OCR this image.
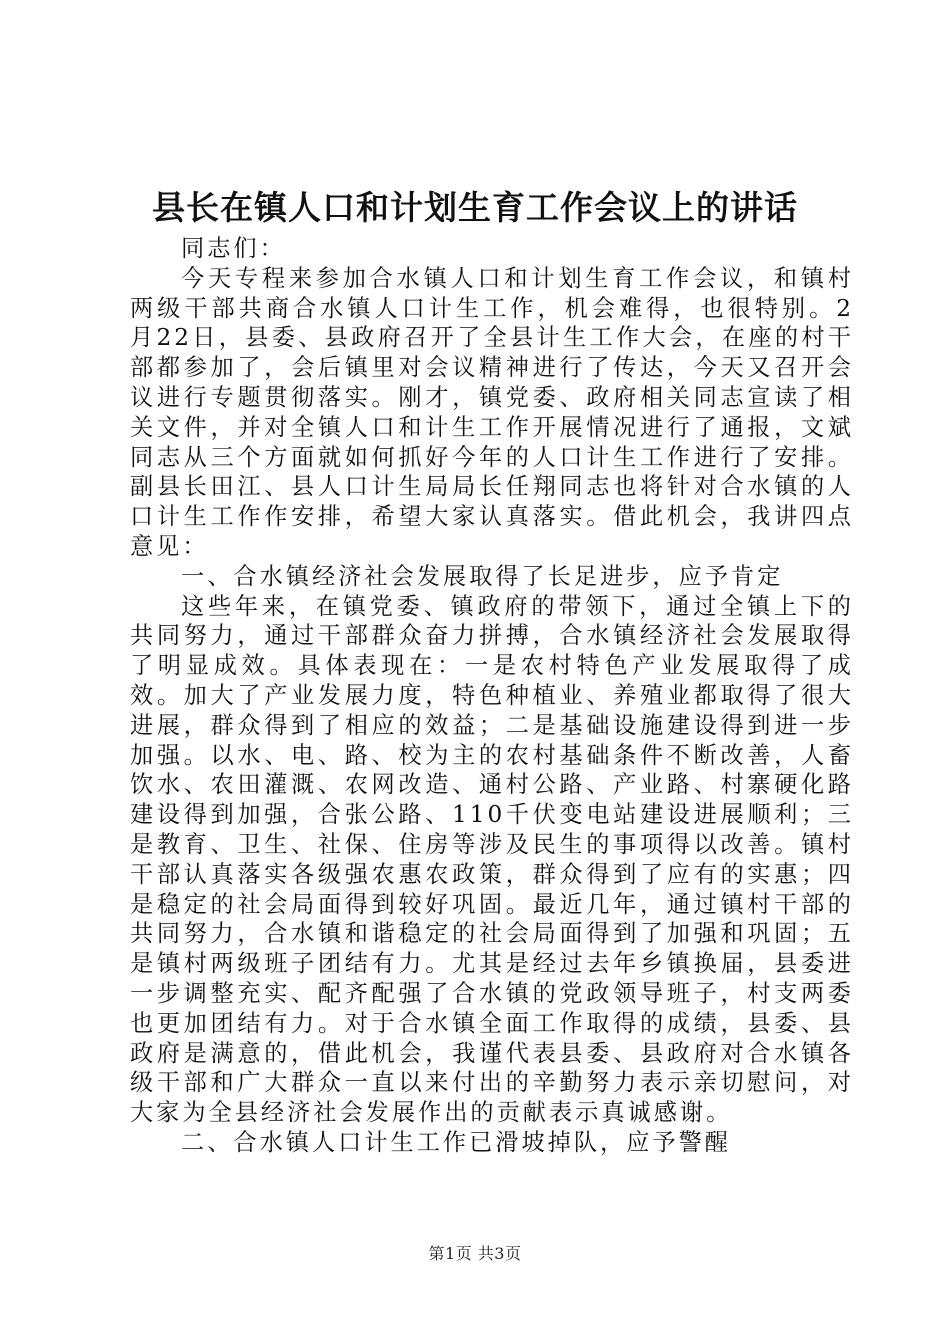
县长在镇人口和计划生育工作会议上的讲话

同志们：

今天专程来参加合水镇人口和计划生育工作会议，和镇村两级干部共商合水镇人口计生工作，机会难得，也很特别。2月22日，县委、县政府召开了全县计生工作大会，在座的村干部都参加了，会后镇里对会议精神进行了传达，今天又召开会议进行专题贯彻落实。刚才，镇党委、政府相关同志宣读了相关文件，并对全镇人口和计生工作开展情况进行了通报，文斌同志从三个方面就如何抓好今年的人口计生工作进行了安排。副县长田江、县人口计生局局长任翔同志也将针对合水镇的人口计生工作作安排，希望大家认真落实。借此机会，我讲四点意见：

一、合水镇经济社会发展取得了长足进步，应予肯定

这些年来，在镇党委、镇政府的带领下，通过全镇上下的共同努力，通过干部群众奋力拼搏，合水镇经济社会发展取得了明显成效。具体表现在：一是农村特色产业发展取得了成效。加大了产业发展力度，特色种植业、养殖业都取得了很大进展，群众得到了相应的效益；二是基础设施建设得到进一步加强。以水、电、路、校为主的农村基础条件不断改善，人畜饮水、农田灌溉、农网改造、通村公路、产业路、村寨硬化路建设得到加强，合张公路、110千伏变电站建设进展顺利；三是教育、卫生、社保、住房等涉及民生的事项得以改善。镇村干部认真落实各级强农惠农政策，群众得到了应有的实惠；四是稳定的社会局面得到较好巩固。最近几年，通过镇村干部的共同努力，合水镇和谐稳定的社会局面得到了加强和巩固；五是镇村两级班子团结有力。尤其是经过去年乡镇换届，县委进一步调整充实、配齐配强了合水镇的党政领导班子，村支两委也更加团结有力。对于合水镇全面工作取得的成绩，县委、县政府是满意的，借此机会，我谨代表县委、县政府对合水镇各级干部和广大群众一直以来付出的辛勤努力表示亲切慰问，对大家为全县经济社会发展作出的贡献表示真诚感谢。

二、合水镇人口计生工作已滑坡掉队，应予警醒

第1页 共3页
